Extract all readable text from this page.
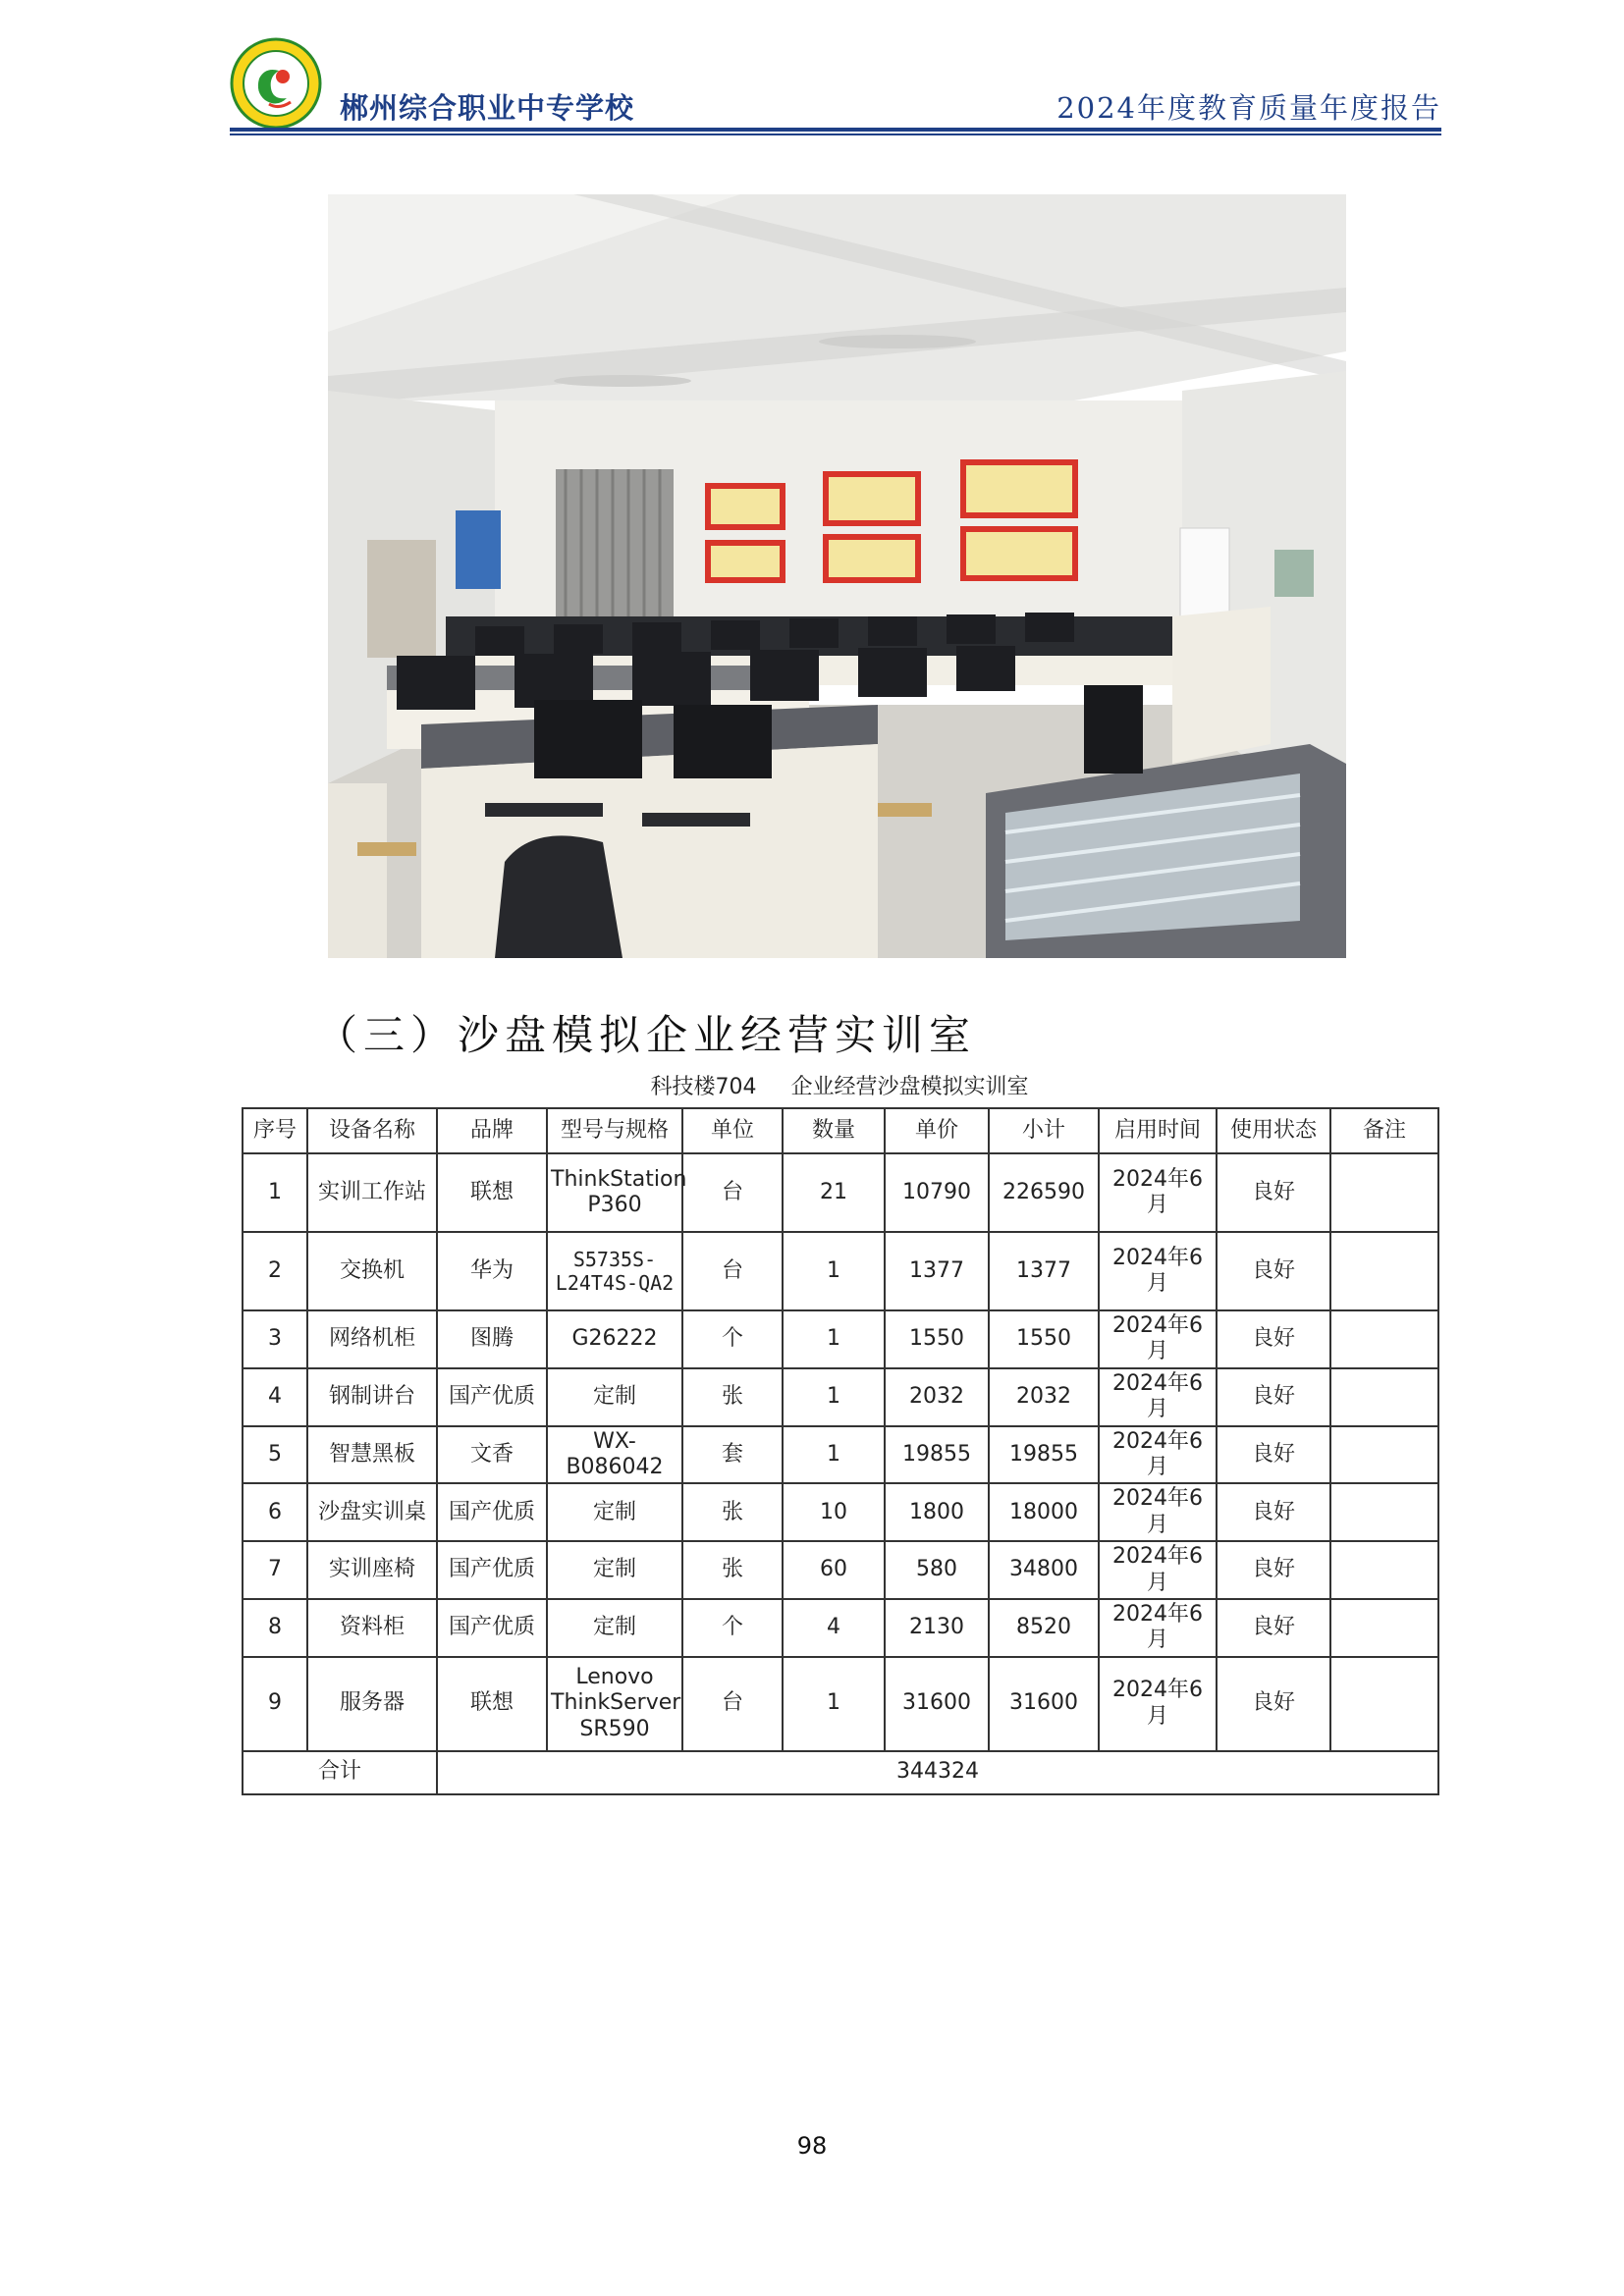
郴州综合职业中专学校	2024年度教育质量年度报告
（三）沙盘模拟企业经营实训室
科技楼704 企业经营沙盘模拟实训室
序号	设备名称	品牌	型号与规格	单位	数量	单价	小计	启用时间	使用状态	备注
1	实训工作站	联想	ThinkStation
P360	台	21	10790	226590	2024年6月	良好	
2	交换机	华为	S5735S-
L24T4S-QA2	台	1	1377	1377	2024年6月	良好	
3	网络机柜	图腾	G26222	个	1	1550	1550	2024年6月	良好	
4	钢制讲台	国产优质	定制	张	1	2032	2032	2024年6月	良好	
5	智慧黑板	文香	WX-
B086042	套	1	19855	19855	2024年6月	良好	
6	沙盘实训桌	国产优质	定制	张	10	1800	18000	2024年6月	良好	
7	实训座椅	国产优质	定制	张	60	580	34800	2024年6月	良好	
8	资料柜	国产优质	定制	个	4	2130	8520	2024年6月	良好	
9	服务器	联想	Lenovo
ThinkServer
SR590	台	1	31600	31600	2024年6月	良好	
合计		344324								
98
